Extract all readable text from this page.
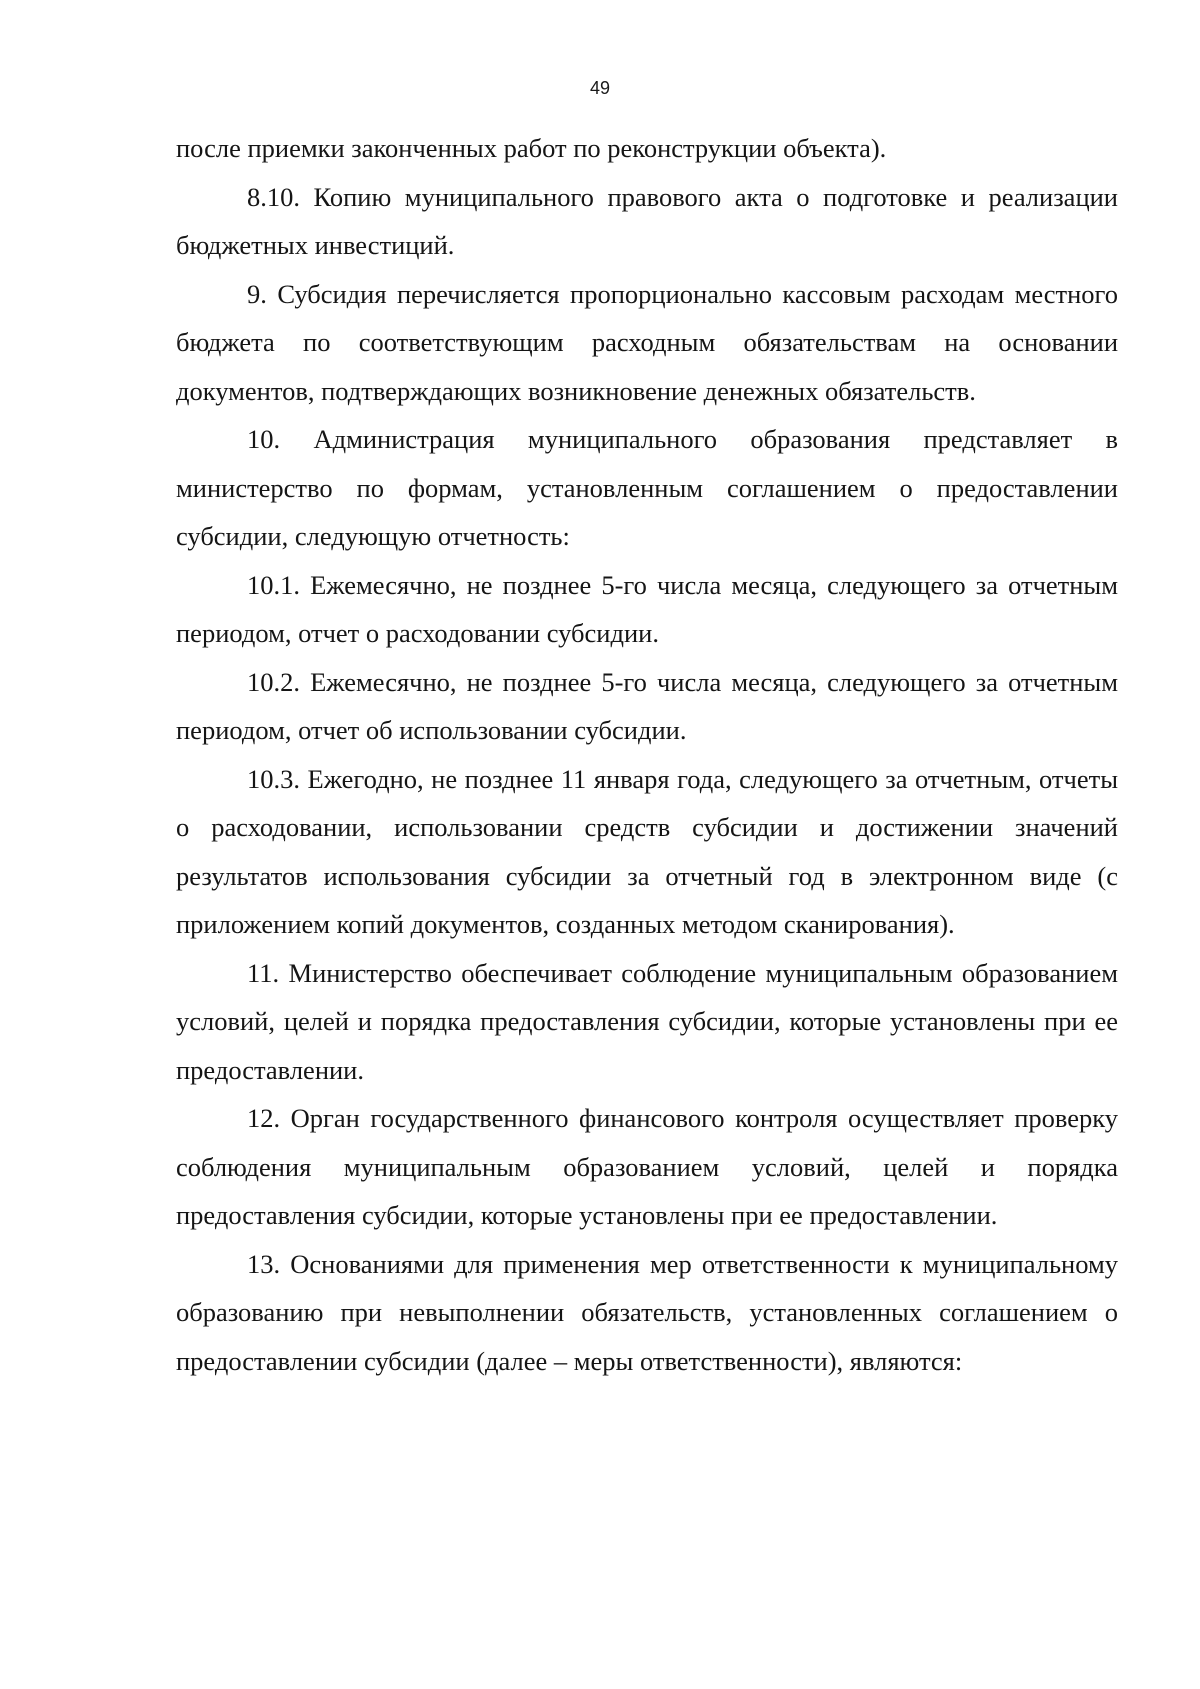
49

после приемки законченных работ по реконструкции объекта).

8.10. Копию муниципального правового акта о подготовке и реализации бюджетных инвестиций.

9. Субсидия перечисляется пропорционально кассовым расходам местного бюджета по соответствующим расходным обязательствам на основании документов, подтверждающих возникновение денежных обязательств.

10. Администрация муниципального образования представляет в министерство по формам, установленным соглашением о предоставлении субсидии, следующую отчетность:

10.1. Ежемесячно, не позднее 5-го числа месяца, следующего за отчетным периодом, отчет о расходовании субсидии.

10.2. Ежемесячно, не позднее 5-го числа месяца, следующего за отчетным периодом, отчет об использовании субсидии.

10.3. Ежегодно, не позднее 11 января года, следующего за отчетным, отчеты о расходовании, использовании средств субсидии и достижении значений результатов использования субсидии за отчетный год в электронном виде (с приложением копий документов, созданных методом сканирования).

11. Министерство обеспечивает соблюдение муниципальным образованием условий, целей и порядка предоставления субсидии, которые установлены при ее предоставлении.

12. Орган государственного финансового контроля осуществляет проверку соблюдения муниципальным образованием условий, целей и порядка предоставления субсидии, которые установлены при ее предоставлении.

13. Основаниями для применения мер ответственности к муниципальному образованию при невыполнении обязательств, установленных соглашением о предоставлении субсидии (далее – меры ответственности), являются:
